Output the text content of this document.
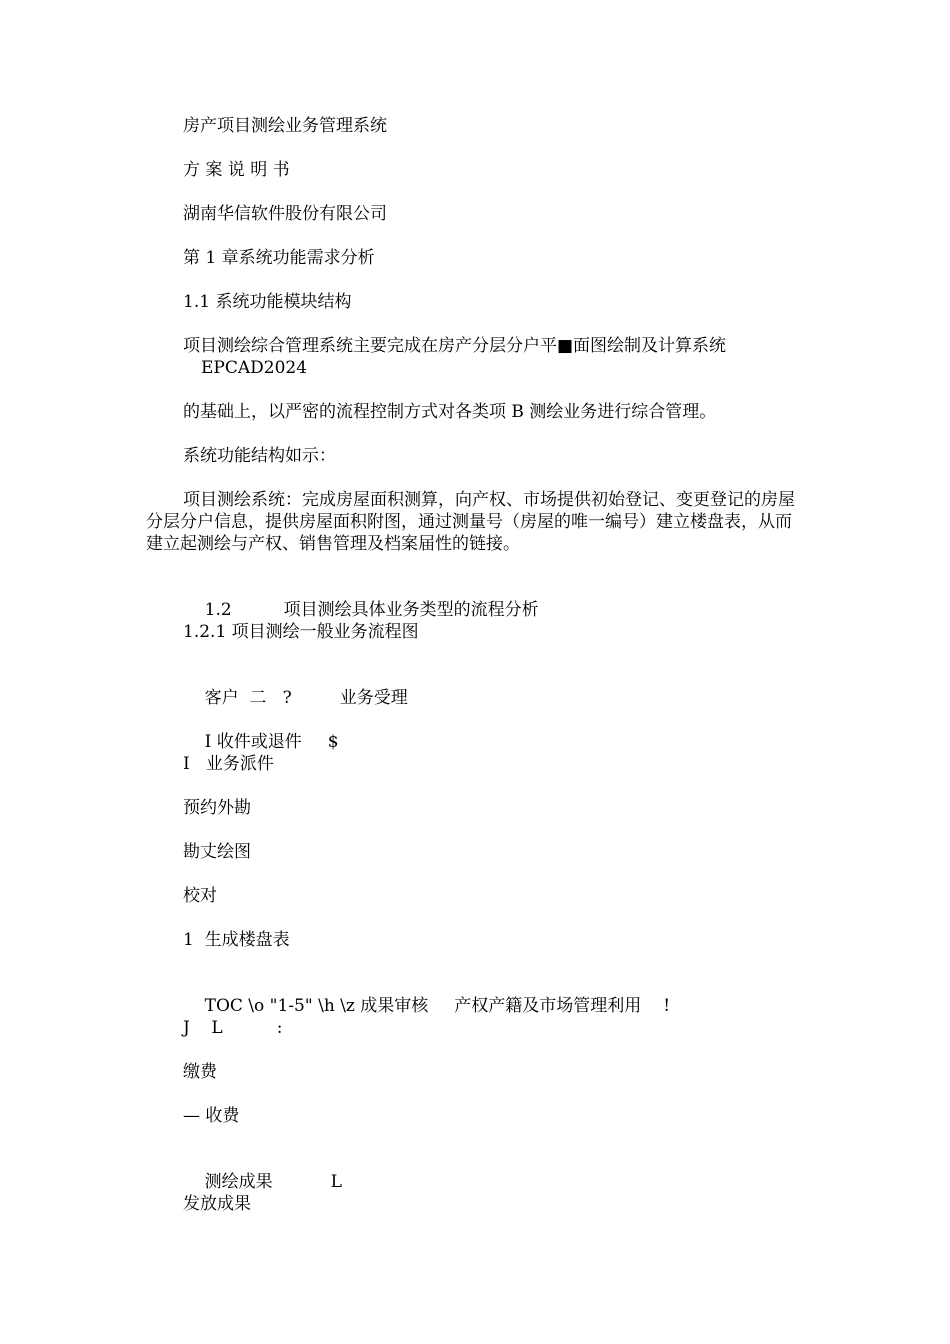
房产项目测绘业务管理系统
方 案 说 明 书
湖南华信软件股份有限公司
第 1 章系统功能需求分析
1.1 系统功能模块结构
项目测绘综合管理系统主要完成在房产分层分户平■面图绘制及计算系统
EPCAD2024
的基础上，以严密的流程控制方式对各类项 B 测绘业务进行综合管理。
系统功能结构如示：
项目测绘系统：完成房屋面积测算，向产权、市场提供初始登记、变更登记的房屋 分层分户信息，提供房屋面积附图，通过测量号（房屋的唯一编号）建立楼盘表，从而 建立起测绘与产权、销售管理及档案届性的链接。

1.2	项目测绘具体业务类型的流程分析

1.2.1 项目测绘一般业务流程图

客户  二   ?	业务受理

I 收件或退件 $

I   业务派件
预约外勘
勘丈绘图
校对
1  生成楼盘表

TOC \o "1-5" \h \z 成果审核 产权产籍及市场管理利用 !

J    L          :
缴费
— 收费

测绘成果	L

发放成果
